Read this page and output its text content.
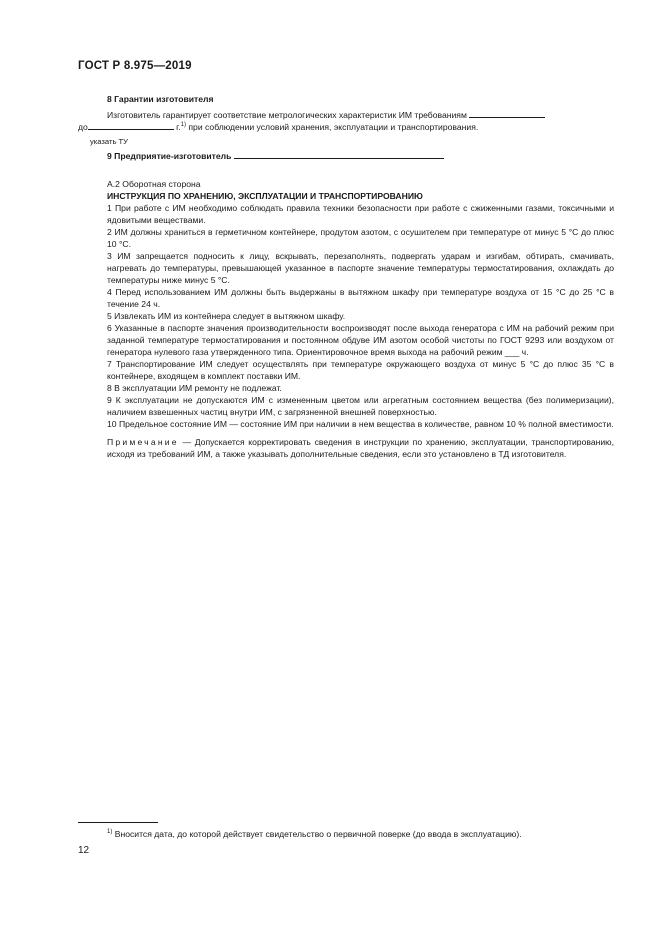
ГОСТ Р 8.975—2019

8 Гарантии изготовителя

Изготовитель гарантирует соответствие метрологических характеристик ИМ требованиям

до	г.$^{1)}$ при соблюдении условий хранения, эксплуатации и транспортирования.

указать ТУ

9 Предприятие-изготовитель

А.2 Оборотная сторона

ИНСТРУКЦИЯ ПО ХРАНЕНИЮ, ЭКСПЛУАТАЦИИ И ТРАНСПОРТИРОВАНИЮ

1 При работе с ИМ необходимо соблюдать правила техники безопасности при работе с сжиженными газами, токсичными и ядовитыми веществами.

2 ИМ должны храниться в герметичном контейнере, продутом азотом, с осушителем при температуре от минус 5 °С до плюс 10 °С.

3 ИМ запрещается подносить к лицу, вскрывать, перезаполнять, подвергать ударам и изгибам, обтирать, смачивать, нагревать до температуры, превышающей указанное в паспорте значение температуры термостатирования, охлаждать до температуры ниже минус 5 °С.

4 Перед использованием ИМ должны быть выдержаны в вытяжном шкафу при температуре воздуха от 15 °С до 25 °С в течение 24 ч.

5 Извлекать ИМ из контейнера следует в вытяжном шкафу.

6 Указанные в паспорте значения производительности воспроизводят после выхода генератора с ИМ на рабочий режим при заданной температуре термостатирования и постоянном обдуве ИМ азотом особой чистоты по ГОСТ 9293 или воздухом от генератора нулевого газа утвержденного типа. Ориентировочное время выхода на рабочий режим ___ ч.

7 Транспортирование ИМ следует осуществлять при температуре окружающего воздуха от минус 5 °С до плюс 35 °С в контейнере, входящем в комплект поставки ИМ.

8 В эксплуатации ИМ ремонту не подлежат.

9 К эксплуатации не допускаются ИМ с измененным цветом или агрегатным состоянием вещества (без полимеризации), наличием взвешенных частиц внутри ИМ, с загрязненной внешней поверхностью.

10 Предельное состояние ИМ — состояние ИМ при наличии в нем вещества в количестве, равном 10 % полной вместимости.

Примечание — Допускается корректировать сведения в инструкции по хранению, эксплуатации, транспортированию, исходя из требований ИМ, а также указывать дополнительные сведения, если это установлено в ТД изготовителя.

$^{1)}$ Вносится дата, до которой действует свидетельство о первичной поверке (до ввода в эксплуатацию).

12
